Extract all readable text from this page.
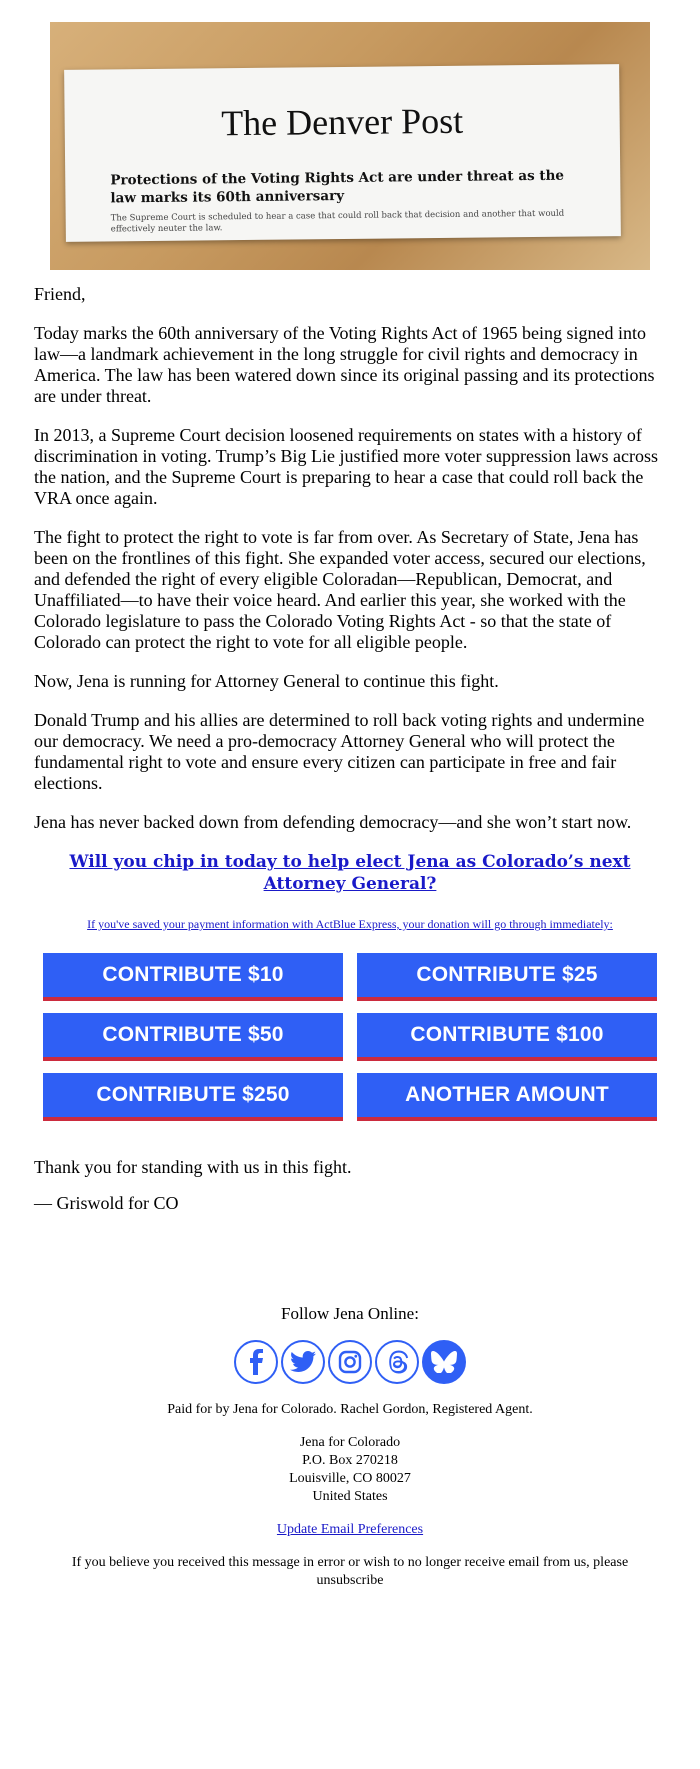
The Denver Post
Protections of the Voting Rights Act are under threat as the law marks its 60th anniversary
The Supreme Court is scheduled to hear a case that could roll back that decision and another that would effectively neuter the law.

Friend,

Today marks the 60th anniversary of the Voting Rights Act of 1965 being signed into law—a landmark achievement in the long struggle for civil rights and democracy in America. The law has been watered down since its original passing and its protections are under threat.

In 2013, a Supreme Court decision loosened requirements on states with a history of discrimination in voting. Trump’s Big Lie justified more voter suppression laws across the nation, and the Supreme Court is preparing to hear a case that could roll back the VRA once again.

The fight to protect the right to vote is far from over. As Secretary of State, Jena has been on the frontlines of this fight. She expanded voter access, secured our elections, and defended the right of every eligible Coloradan—Republican, Democrat, and Unaffiliated—to have their voice heard. And earlier this year, she worked with the Colorado legislature to pass the Colorado Voting Rights Act - so that the state of Colorado can protect the right to vote for all eligible people.

Now, Jena is running for Attorney General to continue this fight.

Donald Trump and his allies are determined to roll back voting rights and undermine our democracy. We need a pro-democracy Attorney General who will protect the fundamental right to vote and ensure every citizen can participate in free and fair elections.

Jena has never backed down from defending democracy—and she won’t start now.

Will you chip in today to help elect Jena as Colorado’s next Attorney General?
If you've saved your payment information with ActBlue Express, your donation will go through immediately:
CONTRIBUTE $10	CONTRIBUTE $25
CONTRIBUTE $50	CONTRIBUTE $100
CONTRIBUTE $250	ANOTHER AMOUNT

Thank you for standing with us in this fight.

— Griswold for CO

Follow Jena Online:
Paid for by Jena for Colorado. Rachel Gordon, Registered Agent.
Jena for Colorado
P.O. Box 270218
Louisville, CO 80027
United States
Update Email Preferences
If you believe you received this message in error or wish to no longer receive email from us, please unsubscribe
